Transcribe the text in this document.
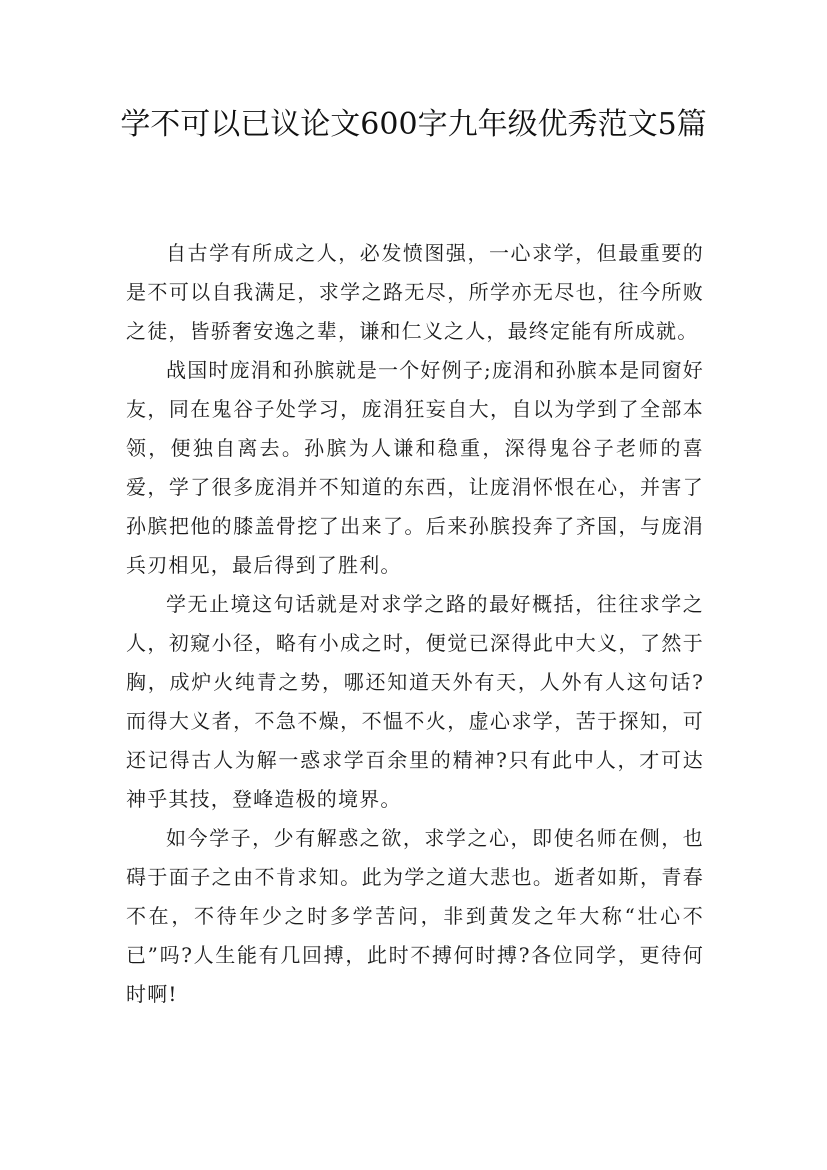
学不可以已议论文600字九年级优秀范文5篇

自古学有所成之人，必发愤图强，一心求学，但最重要的是不可以自我满足，求学之路无尽，所学亦无尽也，往今所败之徒，皆骄奢安逸之辈，谦和仁义之人，最终定能有所成就。

战国时庞涓和孙膑就是一个好例子;庞涓和孙膑本是同窗好友，同在鬼谷子处学习，庞涓狂妄自大，自以为学到了全部本领，便独自离去。孙膑为人谦和稳重，深得鬼谷子老师的喜爱，学了很多庞涓并不知道的东西，让庞涓怀恨在心，并害了孙膑把他的膝盖骨挖了出来了。后来孙膑投奔了齐国，与庞涓兵刃相见，最后得到了胜利。

学无止境这句话就是对求学之路的最好概括，往往求学之人，初窥小径，略有小成之时，便觉已深得此中大义，了然于胸，成炉火纯青之势，哪还知道天外有天，人外有人这句话?而得大义者，不急不燥，不愠不火，虚心求学，苦于探知，可还记得古人为解一惑求学百余里的精神?只有此中人，才可达神乎其技，登峰造极的境界。

如今学子，少有解惑之欲，求学之心，即使名师在侧，也碍于面子之由不肯求知。此为学之道大悲也。逝者如斯，青春不在，不待年少之时多学苦问，非到黄发之年大称“壮心不已”吗?人生能有几回搏，此时不搏何时搏?各位同学，更待何时啊!
